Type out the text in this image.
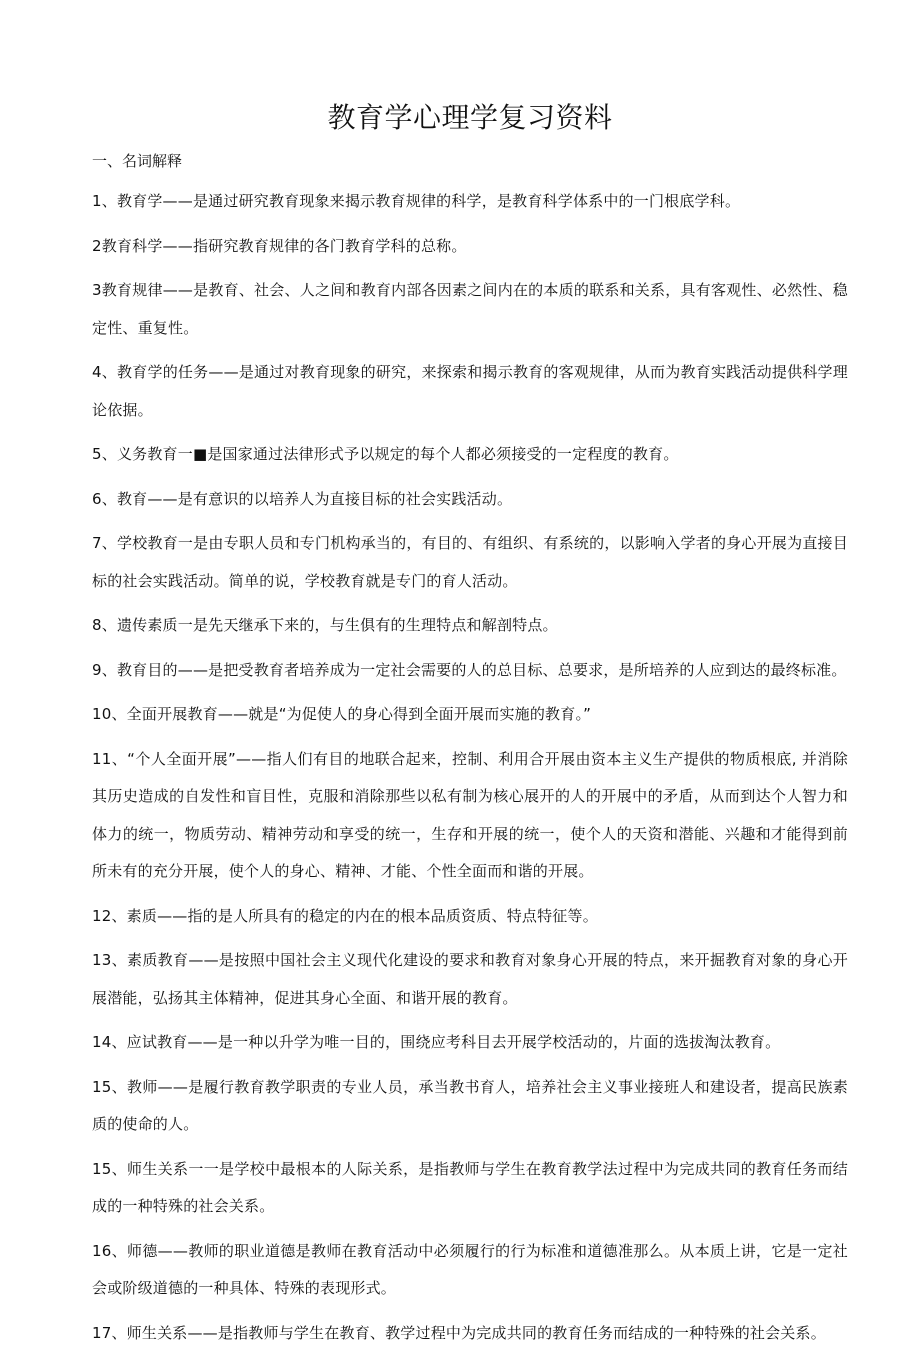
教育学心理学复习资料
一、名词解释

1、教育学——是通过研究教育现象来揭示教育规律的科学，是教育科学体系中的一门根底学科。

2教育科学——指研究教育规律的各门教育学科的总称。

3教育规律——是教育、社会、人之间和教育内部各因素之间内在的本质的联系和关系，具有客观性、必然性、稳定性、重复性。

4、教育学的任务——是通过对教育现象的研究，来探索和揭示教育的客观规律，从而为教育实践活动提供科学理论依据。

5、义务教育一■是国家通过法律形式予以规定的每个人都必须接受的一定程度的教育。

6、教育——是有意识的以培养人为直接目标的社会实践活动。

7、学校教育一是由专职人员和专门机构承当的，有目的、有组织、有系统的，以影响入学者的身心开展为直接目标的社会实践活动。简单的说，学校教育就是专门的育人活动。

8、遗传素质一是先天继承下来的，与生俱有的生理特点和解剖特点。

9、教育目的——是把受教育者培养成为一定社会需要的人的总目标、总要求，是所培养的人应到达的最终标准。

10、全面开展教育——就是“为促使人的身心得到全面开展而实施的教育。”

11、“个人全面开展”——指人们有目的地联合起来，控制、利用合开展由资本主义生产提供的物质根底, 并消除其历史造成的自发性和盲目性，克服和消除那些以私有制为核心展开的人的开展中的矛盾，从而到达个人智力和体力的统一，物质劳动、精神劳动和享受的统一，生存和开展的统一，使个人的天资和潜能、兴趣和才能得到前所未有的充分开展，使个人的身心、精神、才能、个性全面而和谐的开展。

12、素质——指的是人所具有的稳定的内在的根本品质资质、特点特征等。

13、素质教育——是按照中国社会主义现代化建设的要求和教育对象身心开展的特点，来开掘教育对象的身心开展潜能，弘扬其主体精神，促进其身心全面、和谐开展的教育。

14、应试教育——是一种以升学为唯一目的，围绕应考科目去开展学校活动的，片面的选拔淘汰教育。

15、教师——是履行教育教学职责的专业人员，承当教书育人，培养社会主义事业接班人和建设者，提高民族素质的使命的人。

15、师生关系一一是学校中最根本的人际关系，是指教师与学生在教育教学法过程中为完成共同的教育任务而结成的一种特殊的社会关系。

16、师德——教师的职业道德是教师在教育活动中必须履行的行为标准和道德准那么。从本质上讲，它是一定社会或阶级道德的一种具体、特殊的表现形式。

17、师生关系——是指教师与学生在教育、教学过程中为完成共同的教育任务而结成的一种特殊的社会关系。
